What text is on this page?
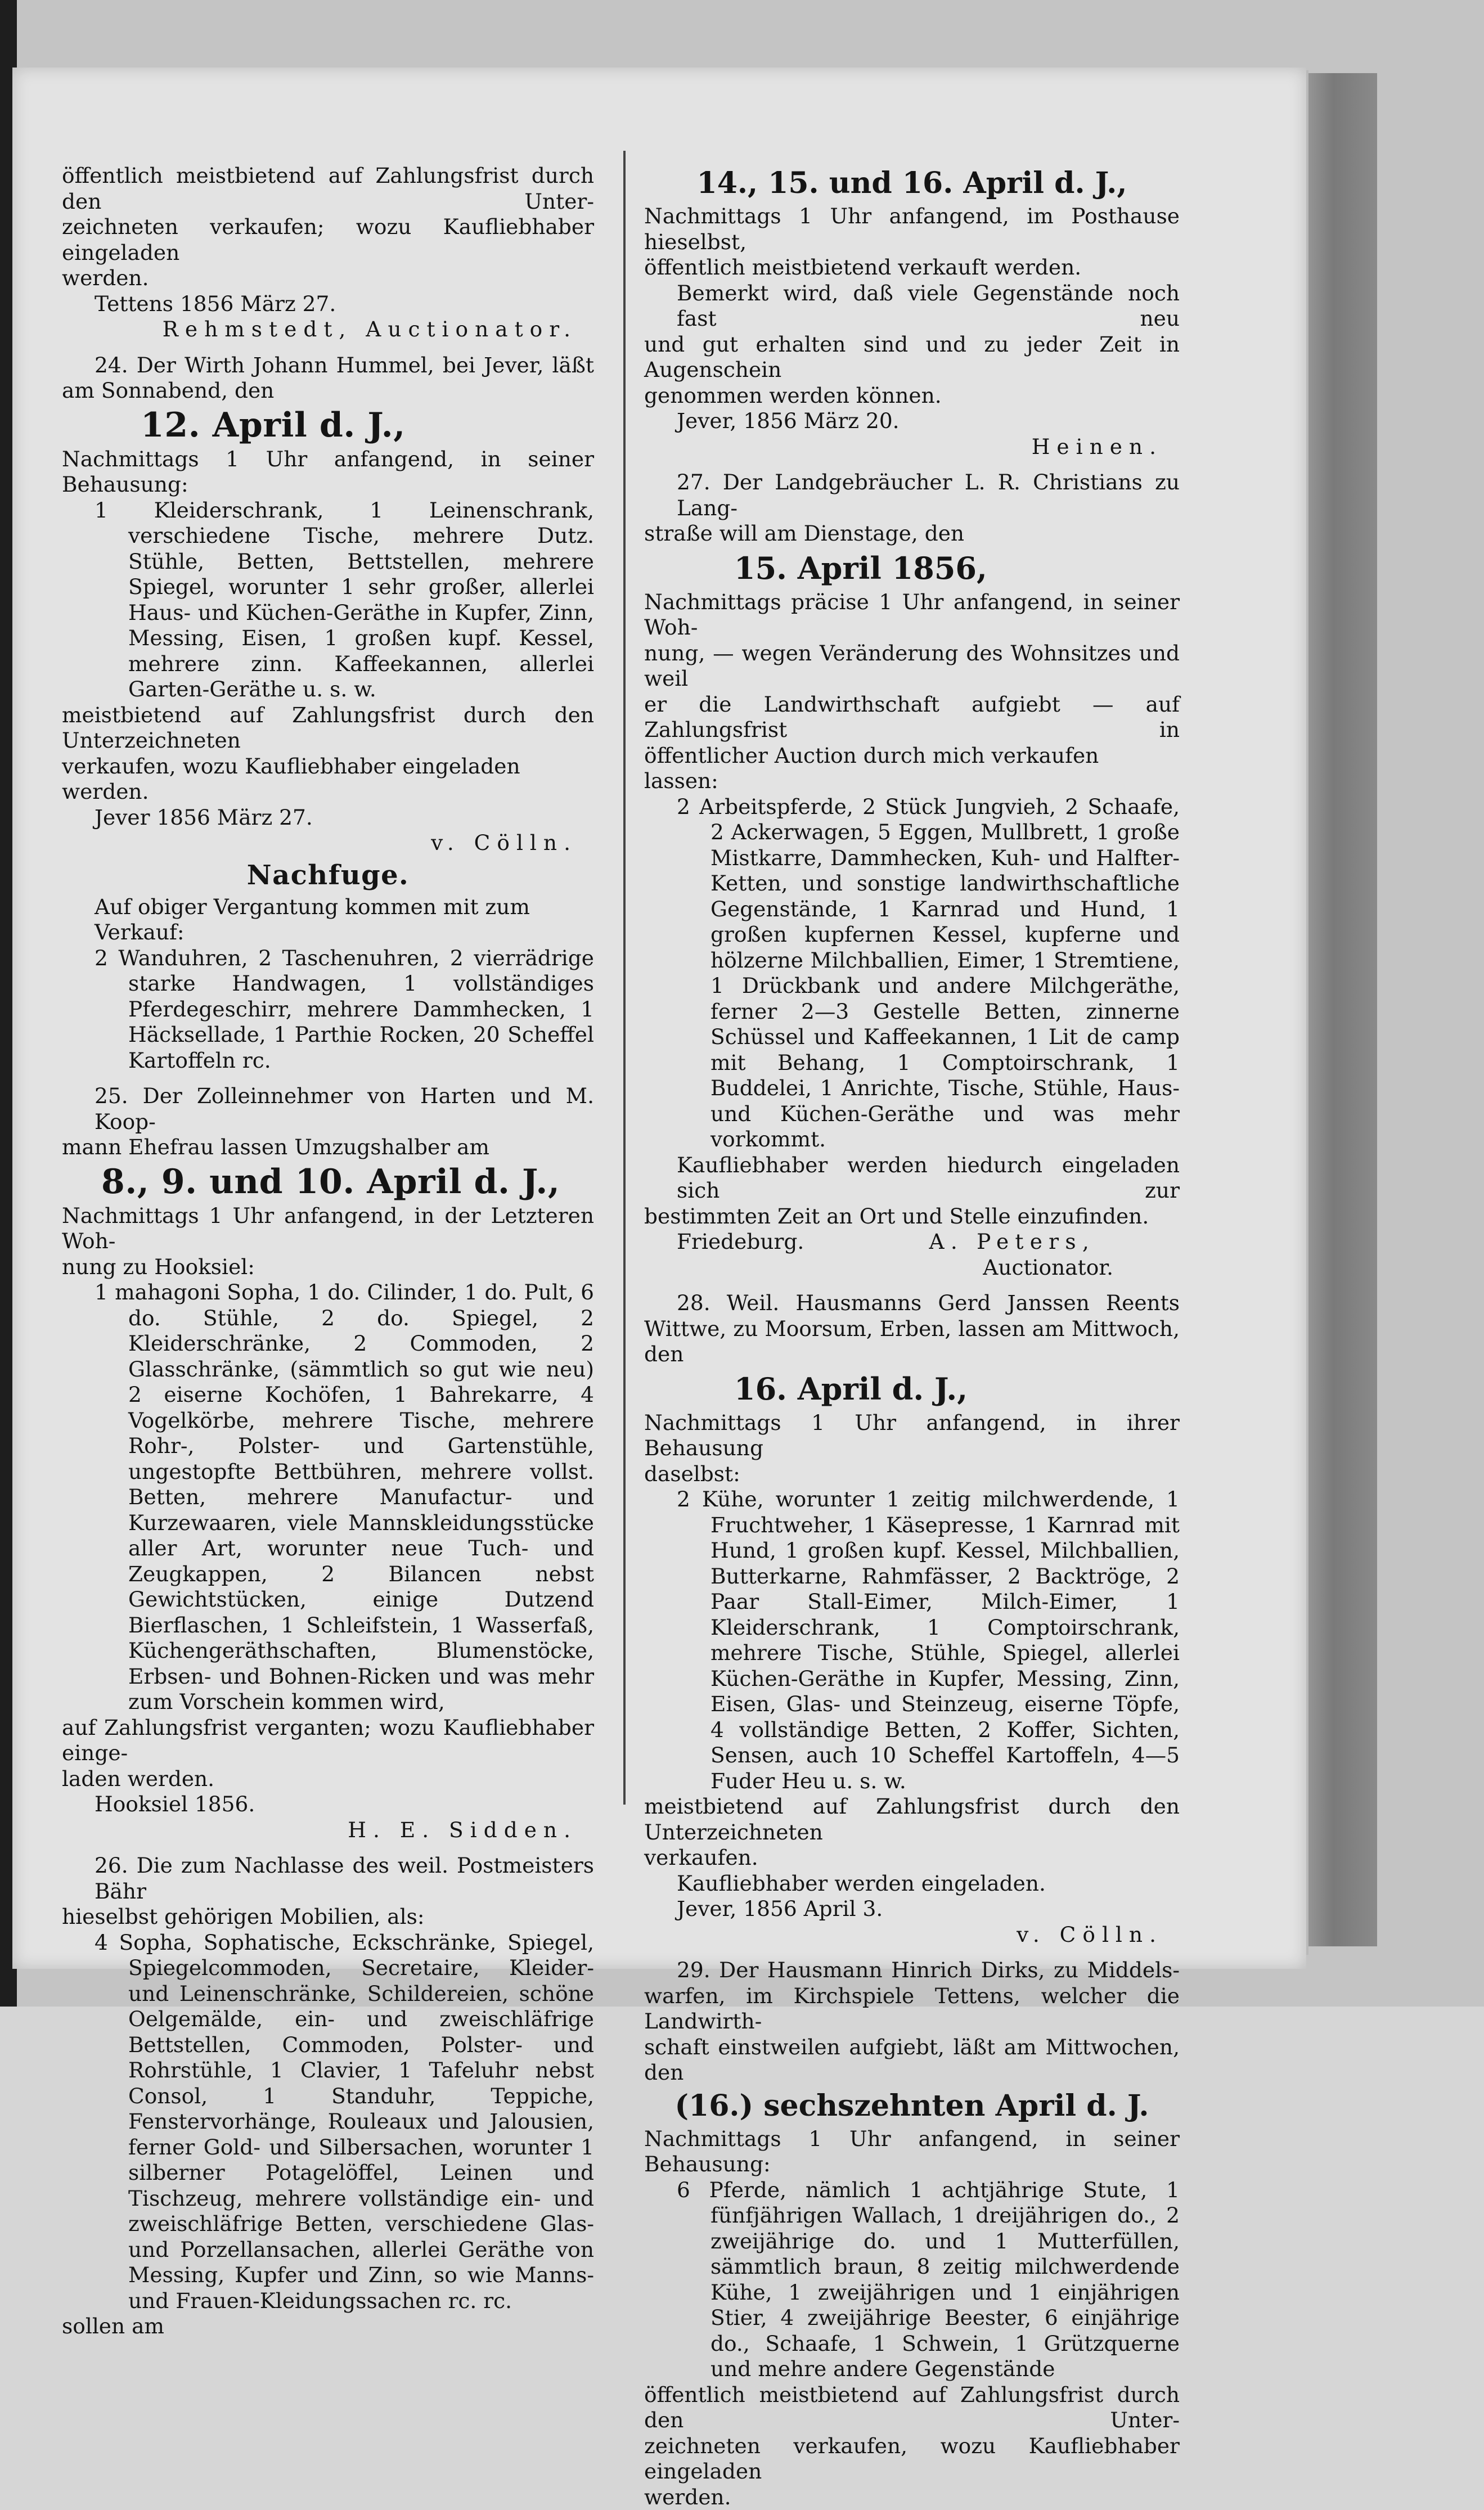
öffentlich meistbietend auf Zahlungsfrist durch den Unter-

zeichneten verkaufen; wozu Kaufliebhaber eingeladen

werden.

Tettens 1856 März 27.

Rehmstedt, Auctionator.

24. Der Wirth Johann Hummel, bei Jever, läßt

am Sonnabend, den

12. April d. J.,

Nachmittags 1 Uhr anfangend, in seiner Behausung:

1 Kleiderschrank, 1 Leinenschrank, verschiedene Tische, mehrere Dutz. Stühle, Betten, Bettstellen, mehrere Spiegel, worunter 1 sehr großer, allerlei Haus- und Küchen-Geräthe in Kupfer, Zinn, Messing, Eisen, 1 großen kupf. Kessel, mehrere zinn. Kaffeekannen, allerlei Garten-Geräthe u. s. w.

meistbietend auf Zahlungsfrist durch den Unterzeichneten

verkaufen, wozu Kaufliebhaber eingeladen werden.

Jever 1856 März 27.

v. Cölln.

Nachfuge.

Auf obiger Vergantung kommen mit zum Verkauf:

2 Wanduhren, 2 Taschenuhren, 2 vierrädrige starke Handwagen, 1 vollständiges Pferdegeschirr, mehrere Dammhecken, 1 Häcksellade, 1 Parthie Rocken, 20 Scheffel Kartoffeln rc.

25. Der Zolleinnehmer von Harten und M. Koop-

mann Ehefrau lassen Umzugshalber am

8., 9. und 10. April d. J.,

Nachmittags 1 Uhr anfangend, in der Letzteren Woh-

nung zu Hooksiel:

1 mahagoni Sopha, 1 do. Cilinder, 1 do. Pult, 6 do. Stühle, 2 do. Spiegel, 2 Kleiderschränke, 2 Commoden, 2 Glasschränke, (sämmtlich so gut wie neu) 2 eiserne Kochöfen, 1 Bahrekarre, 4 Vogelkörbe, mehrere Tische, mehrere Rohr-, Polster- und Gartenstühle, ungestopfte Bettbühren, mehrere vollst. Betten, mehrere Manufactur- und Kurzewaaren, viele Mannskleidungsstücke aller Art, worunter neue Tuch- und Zeugkappen, 2 Bilancen nebst Gewichtstücken, einige Dutzend Bierflaschen, 1 Schleifstein, 1 Wasserfaß, Küchengeräthschaften, Blumenstöcke, Erbsen- und Bohnen-Ricken und was mehr zum Vorschein kommen wird,

auf Zahlungsfrist verganten; wozu Kaufliebhaber einge-

laden werden.

Hooksiel 1856.

H. E. Sidden.

26. Die zum Nachlasse des weil. Postmeisters Bähr

hieselbst gehörigen Mobilien, als:

4 Sopha, Sophatische, Eckschränke, Spiegel, Spiegelcommoden, Secretaire, Kleider- und Leinenschränke, Schildereien, schöne Oelgemälde, ein- und zweischläfrige Bettstellen, Commoden, Polster- und Rohrstühle, 1 Clavier, 1 Tafeluhr nebst Consol, 1 Standuhr, Teppiche, Fenstervorhänge, Rouleaux und Jalousien, ferner Gold- und Silbersachen, worunter 1 silberner Potagelöffel, Leinen und Tischzeug, mehrere vollständige ein- und zweischläfrige Betten, verschiedene Glas- und Porzellansachen, allerlei Geräthe von Messing, Kupfer und Zinn, so wie Manns- und Frauen-Kleidungssachen rc. rc.

sollen am

14., 15. und 16. April d. J.,

Nachmittags 1 Uhr anfangend, im Posthause hieselbst,

öffentlich meistbietend verkauft werden.

Bemerkt wird, daß viele Gegenstände noch fast neu

und gut erhalten sind und zu jeder Zeit in Augenschein

genommen werden können.

Jever, 1856 März 20.

Heinen.

27. Der Landgebräucher L. R. Christians zu Lang-

straße will am Dienstage, den

15. April 1856,

Nachmittags präcise 1 Uhr anfangend, in seiner Woh-

nung, — wegen Veränderung des Wohnsitzes und weil

er die Landwirthschaft aufgiebt — auf Zahlungsfrist in

öffentlicher Auction durch mich verkaufen lassen:

2 Arbeitspferde, 2 Stück Jungvieh, 2 Schaafe, 2 Ackerwagen, 5 Eggen, Mullbrett, 1 große Mistkarre, Dammhecken, Kuh- und Halfter-Ketten, und sonstige landwirthschaftliche Gegenstände, 1 Karnrad und Hund, 1 großen kupfernen Kessel, kupferne und hölzerne Milchballien, Eimer, 1 Stremtiene, 1 Drückbank und andere Milchgeräthe, ferner 2—3 Gestelle Betten, zinnerne Schüssel und Kaffeekannen, 1 Lit de camp mit Behang, 1 Comptoirschrank, 1 Buddelei, 1 Anrichte, Tische, Stühle, Haus- und Küchen-Geräthe und was mehr vorkommt.

Kaufliebhaber werden hiedurch eingeladen sich zur

bestimmten Zeit an Ort und Stelle einzufinden.

Friedeburg.	A. Peters,

Auctionator.

28. Weil. Hausmanns Gerd Janssen Reents

Wittwe, zu Moorsum, Erben, lassen am Mittwoch, den

16. April d. J.,

Nachmittags 1 Uhr anfangend, in ihrer Behausung

daselbst:

2 Kühe, worunter 1 zeitig milchwerdende, 1 Fruchtweher, 1 Käsepresse, 1 Karnrad mit Hund, 1 großen kupf. Kessel, Milchballien, Butterkarne, Rahmfässer, 2 Backtröge, 2 Paar Stall-Eimer, Milch-Eimer, 1 Kleiderschrank, 1 Comptoirschrank, mehrere Tische, Stühle, Spiegel, allerlei Küchen-Geräthe in Kupfer, Messing, Zinn, Eisen, Glas- und Steinzeug, eiserne Töpfe, 4 vollständige Betten, 2 Koffer, Sichten, Sensen, auch 10 Scheffel Kartoffeln, 4—5 Fuder Heu u. s. w.

meistbietend auf Zahlungsfrist durch den Unterzeichneten

verkaufen.

Kaufliebhaber werden eingeladen.

Jever, 1856 April 3.

v. Cölln.

29. Der Hausmann Hinrich Dirks, zu Middels-

warfen, im Kirchspiele Tettens, welcher die Landwirth-

schaft einstweilen aufgiebt, läßt am Mittwochen, den

(16.) sechszehnten April d. J.

Nachmittags 1 Uhr anfangend, in seiner Behausung:

6 Pferde, nämlich 1 achtjährige Stute, 1 fünfjährigen Wallach, 1 dreijährigen do., 2 zweijährige do. und 1 Mutterfüllen, sämmtlich braun, 8 zeitig milchwerdende Kühe, 1 zweijährigen und 1 einjährigen Stier, 4 zweijährige Beester, 6 einjährige do., Schaafe, 1 Schwein, 1 Grützquerne und mehre andere Gegenstände

öffentlich meistbietend auf Zahlungsfrist durch den Unter-

zeichneten verkaufen, wozu Kaufliebhaber eingeladen

werden.
